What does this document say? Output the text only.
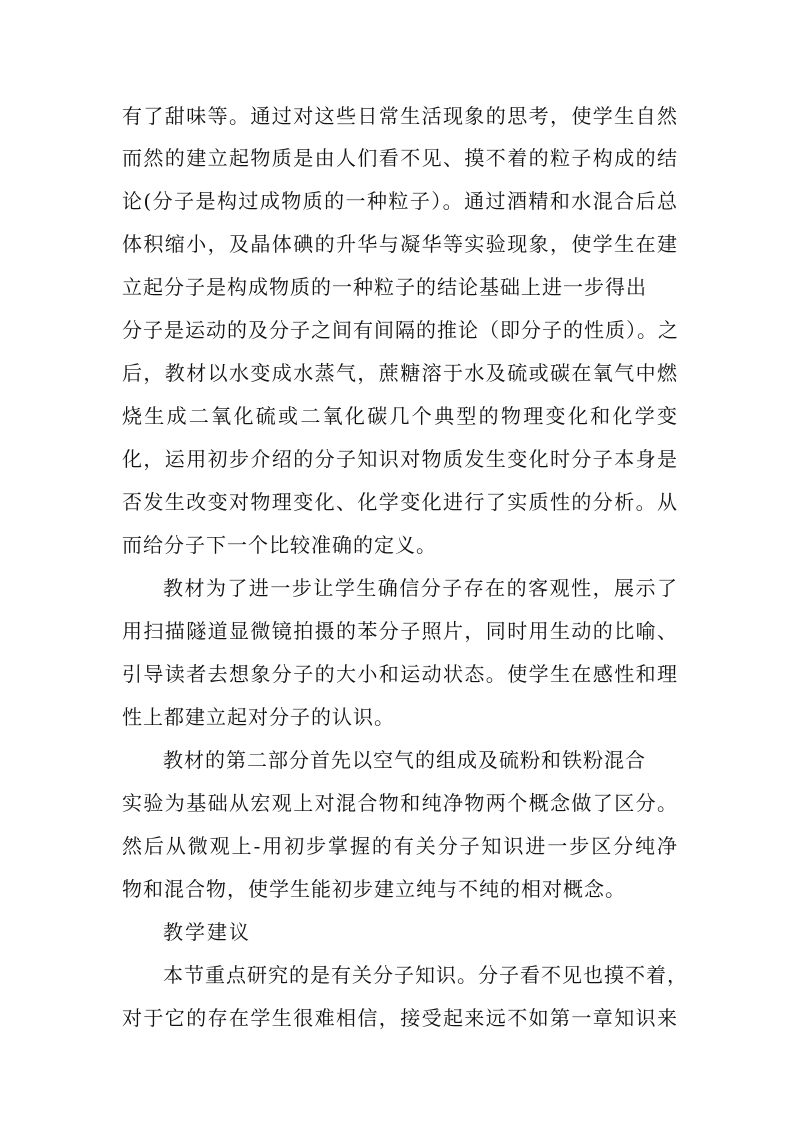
有了甜味等。通过对这些日常生活现象的思考，使学生自然
而然的建立起物质是由人们看不见、摸不着的粒子构成的结
论(分子是构过成物质的一种粒子）。通过酒精和水混合后总
体积缩小，及晶体碘的升华与凝华等实验现象，使学生在建
立起分子是构成物质的一种粒子的结论基础上进一步得出
分子是运动的及分子之间有间隔的推论（即分子的性质）。之
后，教材以水变成水蒸气，蔗糖溶于水及硫或碳在氧气中燃
烧生成二氧化硫或二氧化碳几个典型的物理变化和化学变
化，运用初步介绍的分子知识对物质发生变化时分子本身是
否发生改变对物理变化、化学变化进行了实质性的分析。从
而给分子下一个比较准确的定义。
教材为了进一步让学生确信分子存在的客观性，展示了
用扫描隧道显微镜拍摄的苯分子照片，同时用生动的比喻、
引导读者去想象分子的大小和运动状态。使学生在感性和理
性上都建立起对分子的认识。
教材的第二部分首先以空气的组成及硫粉和铁粉混合
实验为基础从宏观上对混合物和纯净物两个概念做了区分。
然后从微观上-用初步掌握的有关分子知识进一步区分纯净
物和混合物，使学生能初步建立纯与不纯的相对概念。
教学建议
本节重点研究的是有关分子知识。分子看不见也摸不着，
对于它的存在学生很难相信，接受起来远不如第一章知识来
